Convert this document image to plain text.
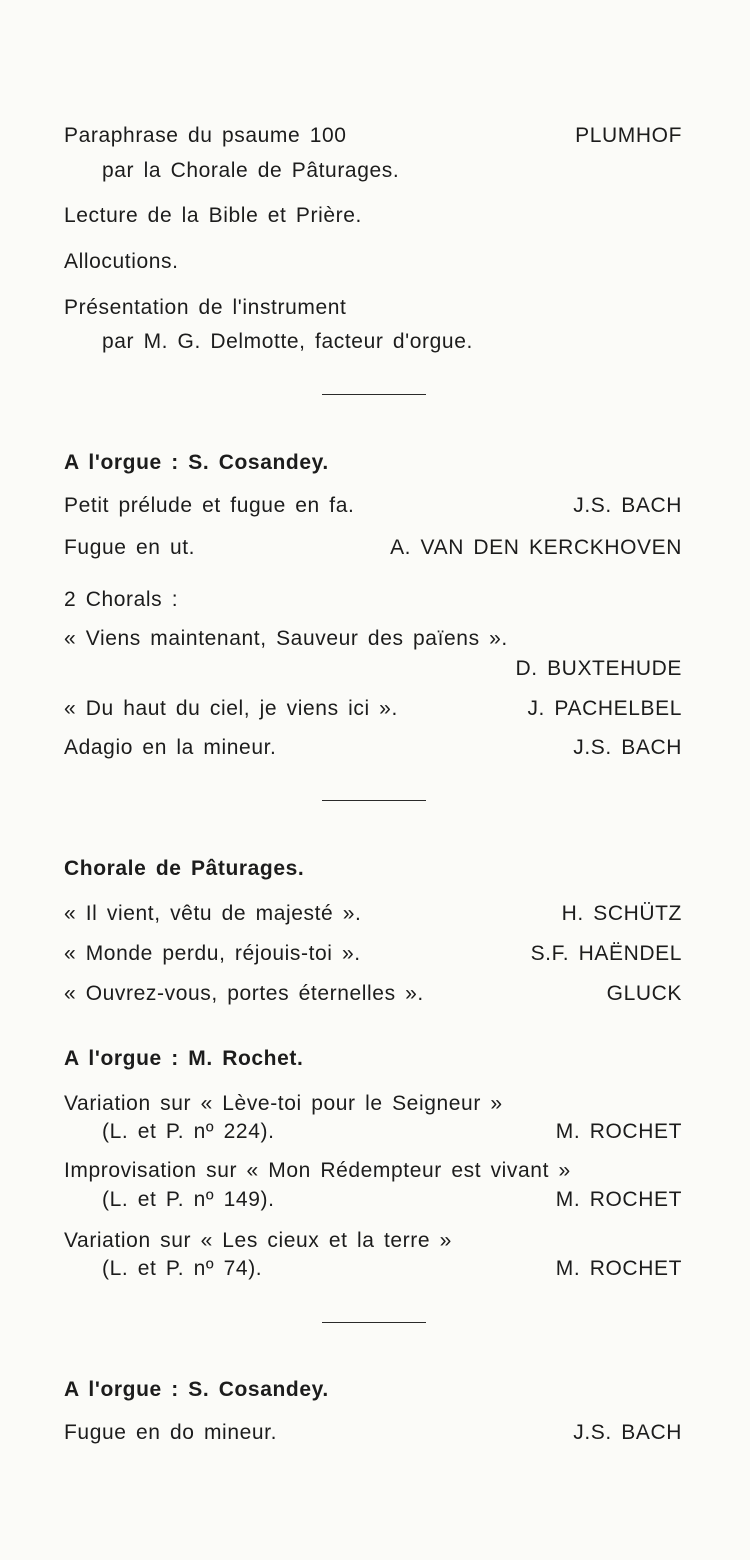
Paraphrase du psaume 100	PLUMHOF
par la Chorale de Pâturages.
Lecture de la Bible et Prière.
Allocutions.
Présentation de l'instrument
par M. G. Delmotte, facteur d'orgue.
A l'orgue : S. Cosandey.
Petit prélude et fugue en fa.	J.S. BACH
Fugue en ut.	A. VAN DEN KERCKHOVEN
2 Chorals :
« Viens maintenant, Sauveur des païens ».
D. BUXTEHUDE
« Du haut du ciel, je viens ici ».	J. PACHELBEL
Adagio en la mineur.	J.S. BACH
Chorale de Pâturages.
« Il vient, vêtu de majesté ».	H. SCHÜTZ
« Monde perdu, réjouis-toi ».	S.F. HAËNDEL
« Ouvrez-vous, portes éternelles ».	GLUCK
A l'orgue : M. Rochet.
Variation sur « Lève-toi pour le Seigneur »
(L. et P. nº 224).	M. ROCHET
Improvisation sur « Mon Rédempteur est vivant »
(L. et P. nº 149).	M. ROCHET
Variation sur « Les cieux et la terre »
(L. et P. nº 74).	M. ROCHET
A l'orgue : S. Cosandey.
Fugue en do mineur.	J.S. BACH
